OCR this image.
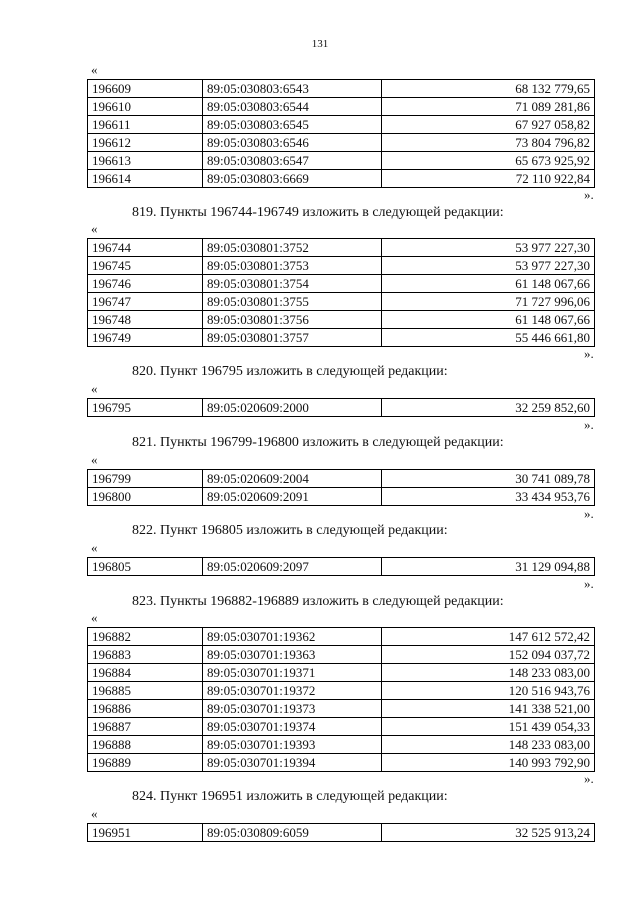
131
«
196609	89:05:030803:6543	68 132 779,65
196610	89:05:030803:6544	71 089 281,86
196611	89:05:030803:6545	67 927 058,82
196612	89:05:030803:6546	73 804 796,82
196613	89:05:030803:6547	65 673 925,92
196614	89:05:030803:6669	72 110 922,84
».
819. Пункты 196744-196749 изложить в следующей редакции:
«
196744	89:05:030801:3752	53 977 227,30
196745	89:05:030801:3753	53 977 227,30
196746	89:05:030801:3754	61 148 067,66
196747	89:05:030801:3755	71 727 996,06
196748	89:05:030801:3756	61 148 067,66
196749	89:05:030801:3757	55 446 661,80
».
820. Пункт 196795 изложить в следующей редакции:
«
196795	89:05:020609:2000	32 259 852,60
».
821. Пункты 196799-196800 изложить в следующей редакции:
«
196799	89:05:020609:2004	30 741 089,78
196800	89:05:020609:2091	33 434 953,76
».
822. Пункт 196805 изложить в следующей редакции:
«
196805	89:05:020609:2097	31 129 094,88
».
823. Пункты 196882-196889 изложить в следующей редакции:
«
196882	89:05:030701:19362	147 612 572,42
196883	89:05:030701:19363	152 094 037,72
196884	89:05:030701:19371	148 233 083,00
196885	89:05:030701:19372	120 516 943,76
196886	89:05:030701:19373	141 338 521,00
196887	89:05:030701:19374	151 439 054,33
196888	89:05:030701:19393	148 233 083,00
196889	89:05:030701:19394	140 993 792,90
».
824. Пункт 196951 изложить в следующей редакции:
«
196951	89:05:030809:6059	32 525 913,24
